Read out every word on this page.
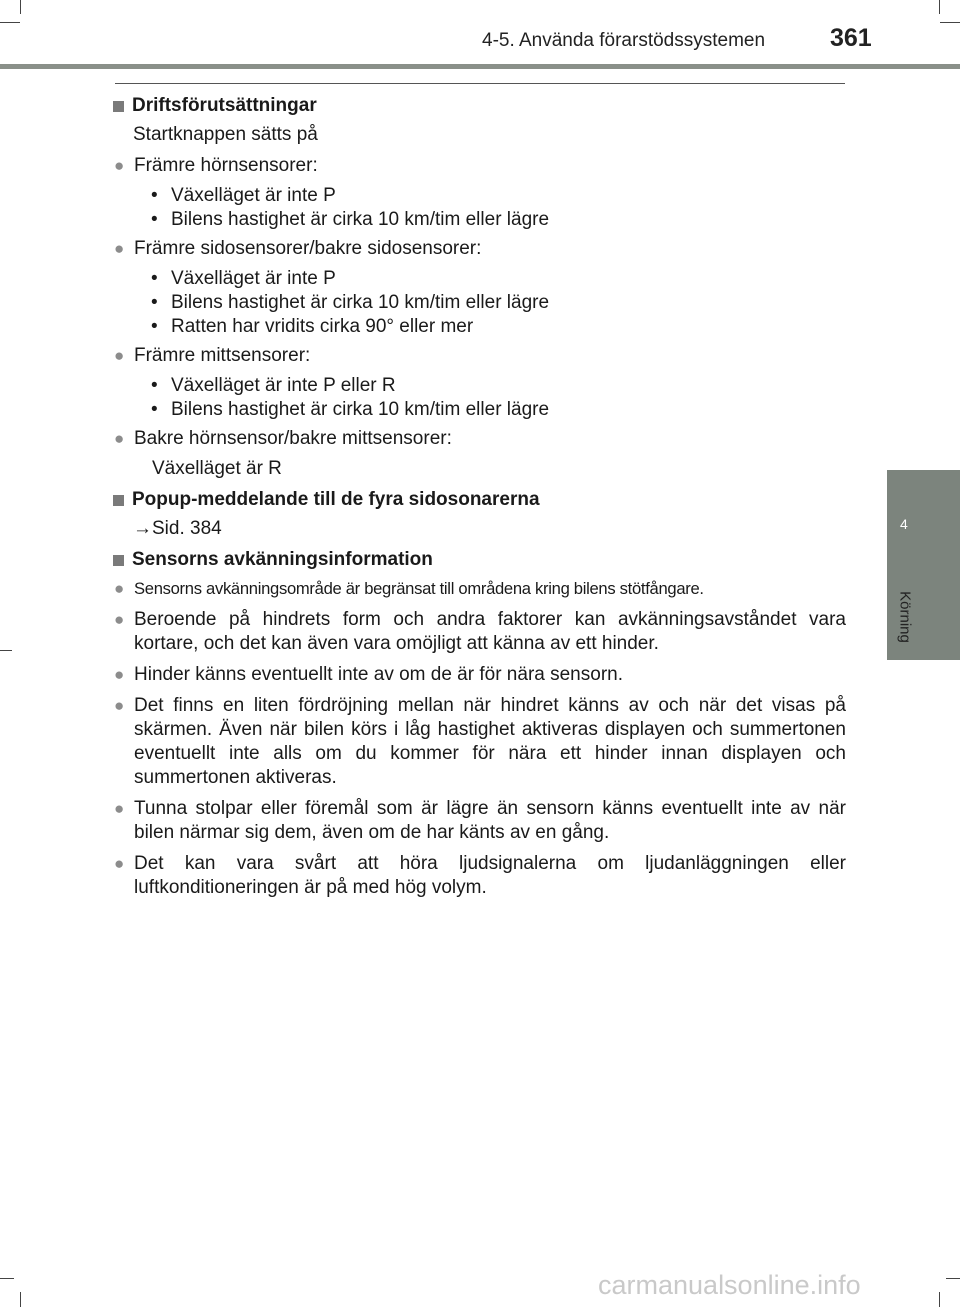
4-5. Använda förarstödssystemen	361
4
Körning
Driftsförutsättningar
Startknappen sätts på
● Främre hörnsensorer:
• Växelläget är inte P
• Bilens hastighet är cirka 10 km/tim eller lägre
● Främre sidosensorer/bakre sidosensorer:
• Växelläget är inte P
• Bilens hastighet är cirka 10 km/tim eller lägre
• Ratten har vridits cirka 90° eller mer
● Främre mittsensorer:
• Växelläget är inte P eller R
• Bilens hastighet är cirka 10 km/tim eller lägre
● Bakre hörnsensor/bakre mittsensorer:
Växelläget är R
Popup-meddelande till de fyra sidosonarerna
→Sid. 384
Sensorns avkänningsinformation
● Sensorns avkänningsområde är begränsat till områdena kring bilens stötfångare.
● Beroende på hindrets form och andra faktorer kan avkänningsavståndet vara kortare, och det kan även vara omöjligt att känna av ett hinder.
● Hinder känns eventuellt inte av om de är för nära sensorn.
● Det finns en liten fördröjning mellan när hindret känns av och när det visas på skärmen. Även när bilen körs i låg hastighet aktiveras displayen och summertonen eventuellt inte alls om du kommer för nära ett hinder innan displayen och summertonen aktiveras.
● Tunna stolpar eller föremål som är lägre än sensorn känns eventuellt inte av när bilen närmar sig dem, även om de har känts av en gång.
● Det kan vara svårt att höra ljudsignalerna om ljudanläggningen eller luftkonditioneringen är på med hög volym.
carmanualsonline.info
